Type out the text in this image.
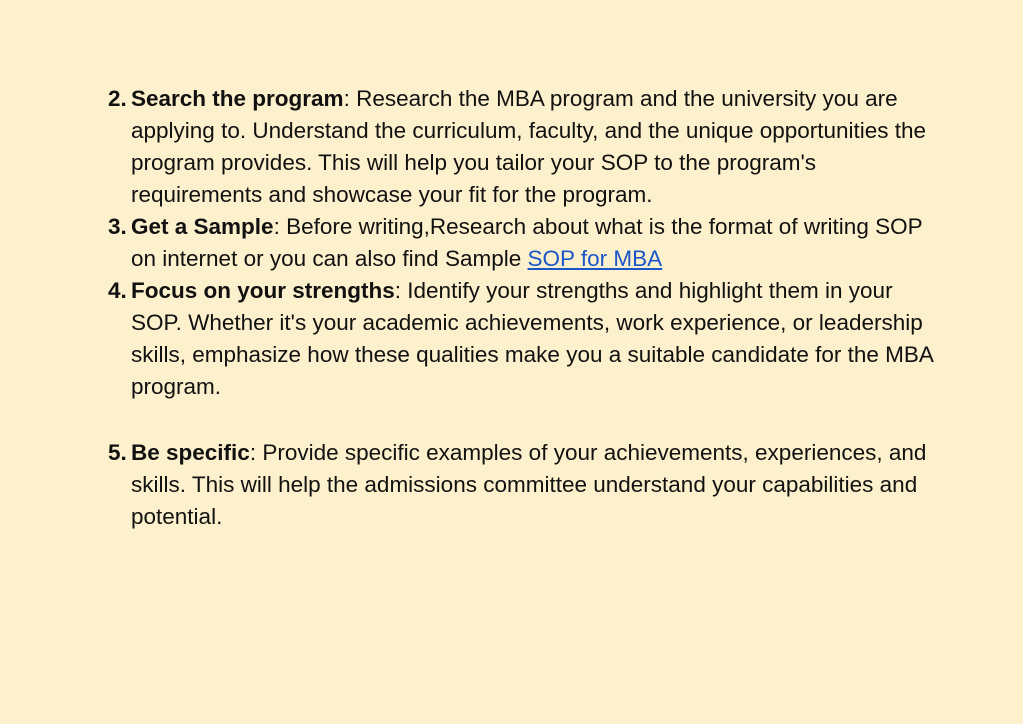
2. Search the program: Research the MBA program and the university you are applying to. Understand the curriculum, faculty, and the unique opportunities the program provides. This will help you tailor your SOP to the program's requirements and showcase your fit for the program.
3. Get a Sample: Before writing,Research about what is the format of writing SOP on internet or you can also find Sample SOP for MBA
4. Focus on your strengths: Identify your strengths and highlight them in your SOP. Whether it's your academic achievements, work experience, or leadership skills, emphasize how these qualities make you a suitable candidate for the MBA program.
5. Be specific: Provide specific examples of your achievements, experiences, and skills. This will help the admissions committee understand your capabilities and potential.
